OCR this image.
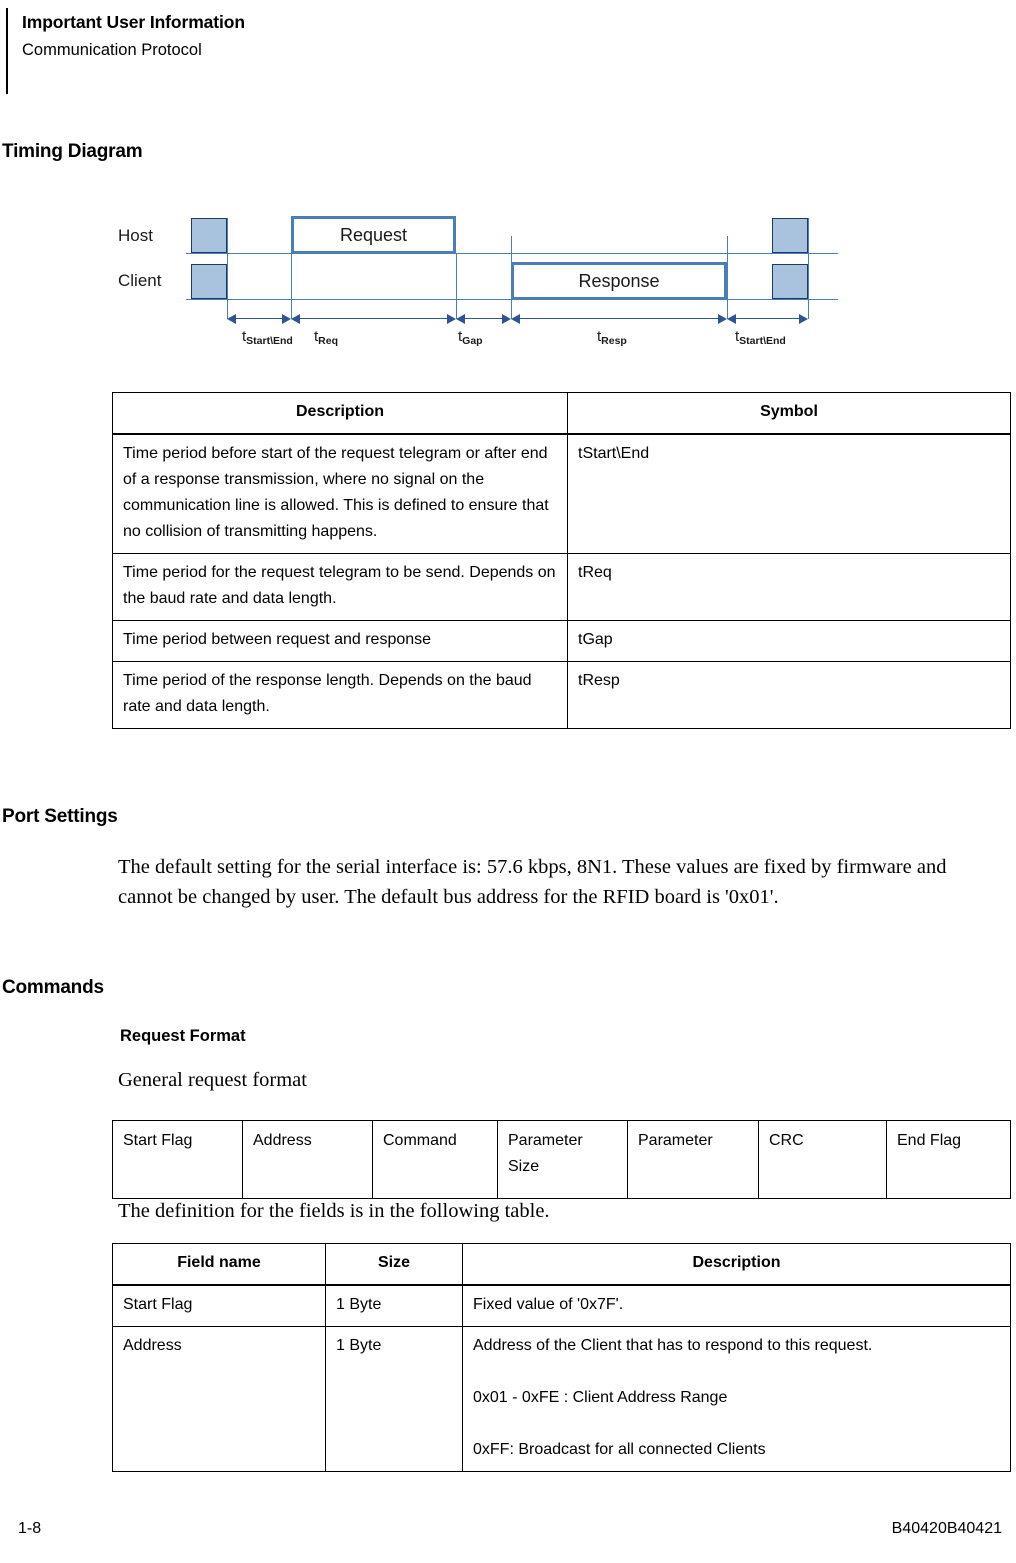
Important User Information
Communication Protocol
Timing Diagram
Host
Client
Request
Response
$t_{Start\backslash End}$ $t_{Req}$	$t_{Gap}$	$t_{Resp}$	$t_{Start\backslash End}$
Description	Symbol
Time period before start of the request telegram or after end of a response transmission, where no signal on the communication line is allowed. This is defined to ensure that no collision of transmitting happens.	tStart\End
Time period for the request telegram to be send. Depends on the baud rate and data length.	tReq
Time period between request and response	tGap
Time period of the response length. Depends on the baud rate and data length.	tResp
Port Settings
The default setting for the serial interface is: 57.6 kbps, 8N1. These values are fixed by firmware and cannot be changed by user. The default bus address for the RFID board is '0x01'.
Commands
Request Format
General request format
Start Flag	Address	Command	Parameter Size	Parameter	CRC	End Flag
The definition for the fields is in the following table.
Field name	Size	Description
Start Flag	1 Byte	Fixed value of '0x7F'.
Address	1 Byte	Address of the Client that has to respond to this request.

0x01 - 0xFE : Client Address Range

0xFF: Broadcast for all connected Clients

1-8	B40420B40421
